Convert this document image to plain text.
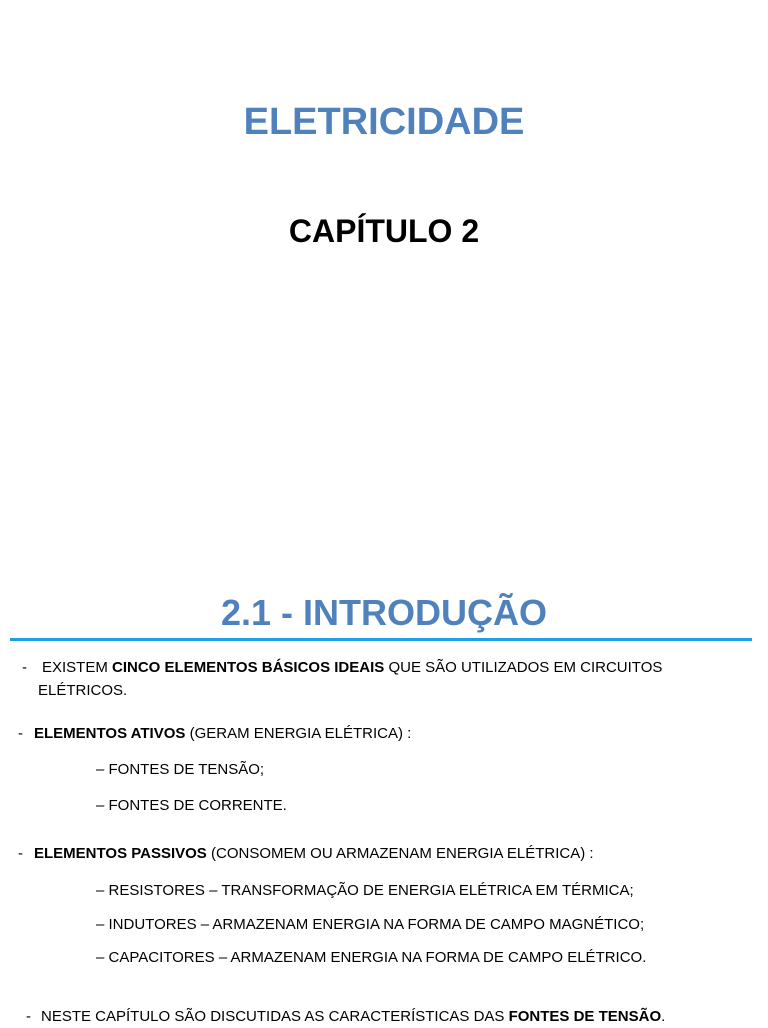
ELETRICIDADE
CAPÍTULO 2
2.1 - INTRODUÇÃO
- EXISTEM CINCO ELEMENTOS BÁSICOS IDEAIS QUE SÃO UTILIZADOS EM CIRCUITOS
ELÉTRICOS.
- ELEMENTOS ATIVOS (GERAM ENERGIA ELÉTRICA) :
– FONTES DE TENSÃO;
– FONTES DE CORRENTE.
- ELEMENTOS PASSIVOS (CONSOMEM OU ARMAZENAM ENERGIA ELÉTRICA) :
– RESISTORES – TRANSFORMAÇÃO DE ENERGIA ELÉTRICA EM TÉRMICA;
– INDUTORES – ARMAZENAM ENERGIA NA FORMA DE CAMPO MAGNÉTICO;
– CAPACITORES – ARMAZENAM ENERGIA NA FORMA DE CAMPO ELÉTRICO.
- NESTE CAPÍTULO SÃO DISCUTIDAS AS CARACTERÍSTICAS DAS FONTES DE TENSÃO.
